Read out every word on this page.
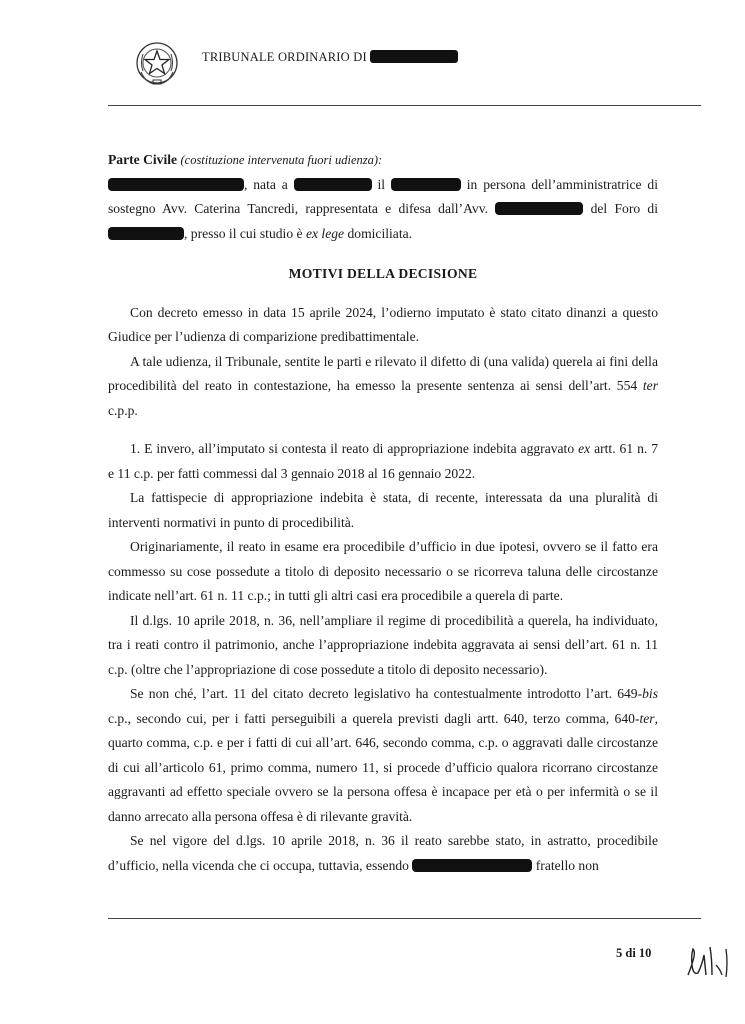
TRIBUNALE ORDINARIO DI

Parte Civile (costituzione intervenuta fuori udienza):

, nata a	il	in persona dell’amministratrice di sostegno Avv. Caterina Tancredi, rappresentata e difesa dall’Avv.	del Foro di , presso il cui studio è ex lege domiciliata.

MOTIVI DELLA DECISIONE

Con decreto emesso in data 15 aprile 2024, l’odierno imputato è stato citato dinanzi a questo Giudice per l’udienza di comparizione predibattimentale.

A tale udienza, il Tribunale, sentite le parti e rilevato il difetto di (una valida) querela ai fini della procedibilità del reato in contestazione, ha emesso la presente sentenza ai sensi dell’art. 554 ter c.p.p.

1. E invero, all’imputato si contesta il reato di appropriazione indebita aggravato ex artt. 61 n. 7 e 11 c.p. per fatti commessi dal 3 gennaio 2018 al 16 gennaio 2022.

La fattispecie di appropriazione indebita è stata, di recente, interessata da una pluralità di interventi normativi in punto di procedibilità.

Originariamente, il reato in esame era procedibile d’ufficio in due ipotesi, ovvero se il fatto era commesso su cose possedute a titolo di deposito necessario o se ricorreva taluna delle circostanze indicate nell’art. 61 n. 11 c.p.; in tutti gli altri casi era procedibile a querela di parte.

Il d.lgs. 10 aprile 2018, n. 36, nell’ampliare il regime di procedibilità a querela, ha individuato, tra i reati contro il patrimonio, anche l’appropriazione indebita aggravata ai sensi dell’art. 61 n. 11 c.p. (oltre che l’appropriazione di cose possedute a titolo di deposito necessario).

Se non ché, l’art. 11 del citato decreto legislativo ha contestualmente introdotto l’art. 649-bis c.p., secondo cui, per i fatti perseguibili a querela previsti dagli artt. 640, terzo comma, 640-ter, quarto comma, c.p. e per i fatti di cui all’art. 646, secondo comma, c.p. o aggravati dalle circostanze di cui all’articolo 61, primo comma, numero 11, si procede d’ufficio qualora ricorrano circostanze aggravanti ad effetto speciale ovvero se la persona offesa è incapace per età o per infermità o se il danno arrecato alla persona offesa è di rilevante gravità.

Se nel vigore del d.lgs. 10 aprile 2018, n. 36 il reato sarebbe stato, in astratto, procedibile d’ufficio, nella vicenda che ci occupa, tuttavia, essendo	fratello non

5 di 10
